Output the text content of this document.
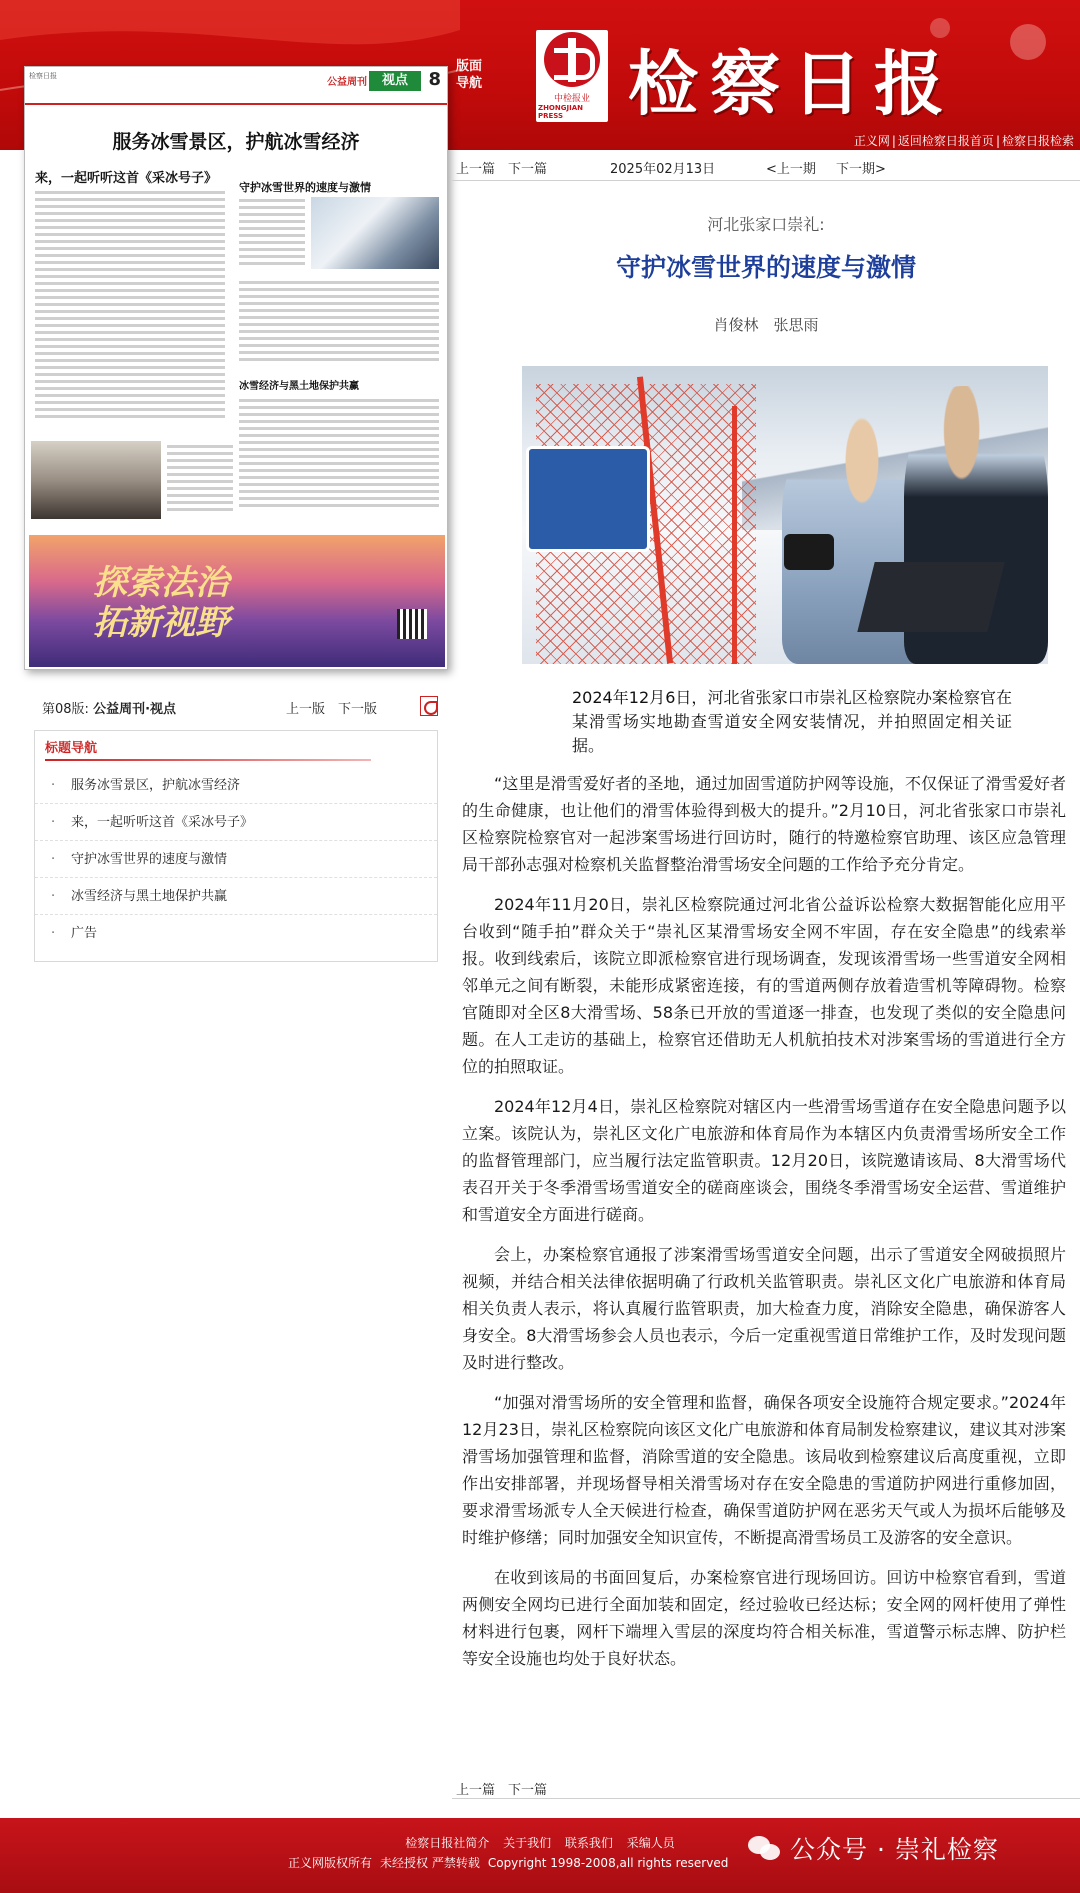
版面导航
中检报业
ZHONGJIAN PRESS 检察日报
正义网 | 返回检察日报首页 | 检察日报检索
检察日报
公益周刊	视点	8
服务冰雪景区，护航冰雪经济
来，一起听听这首《采冰号子》
守护冰雪世界的速度与激情
冰雪经济与黑土地保护共赢
探索法治
拓新视野
第08版: 公益周刊·视点	上一版 下一版
标题导航
· 服务冰雪景区，护航冰雪经济
· 来，一起听听这首《采冰号子》
· 守护冰雪世界的速度与激情
· 冰雪经济与黑土地保护共赢
· 广告
上一篇 下一篇	2025年02月13日	<上一期 下一期>
河北张家口崇礼:
守护冰雪世界的速度与激情
肖俊林　张思雨
2024年12月6日，河北省张家口市崇礼区检察院办案检察官在某滑雪场实地勘查雪道安全网安装情况，并拍照固定相关证据。

“这里是滑雪爱好者的圣地，通过加固雪道防护网等设施，不仅保证了滑雪爱好者的生命健康，也让他们的滑雪体验得到极大的提升。”2月10日，河北省张家口市崇礼区检察院检察官对一起涉案雪场进行回访时，随行的特邀检察官助理、该区应急管理局干部孙志强对检察机关监督整治滑雪场安全问题的工作给予充分肯定。

2024年11月20日，崇礼区检察院通过河北省公益诉讼检察大数据智能化应用平台收到“随手拍”群众关于“崇礼区某滑雪场安全网不牢固，存在安全隐患”的线索举报。收到线索后，该院立即派检察官进行现场调查，发现该滑雪场一些雪道安全网相邻单元之间有断裂，未能形成紧密连接，有的雪道两侧存放着造雪机等障碍物。检察官随即对全区8大滑雪场、58条已开放的雪道逐一排查，也发现了类似的安全隐患问题。在人工走访的基础上，检察官还借助无人机航拍技术对涉案雪场的雪道进行全方位的拍照取证。

2024年12月4日，崇礼区检察院对辖区内一些滑雪场雪道存在安全隐患问题予以立案。该院认为，崇礼区文化广电旅游和体育局作为本辖区内负责滑雪场所安全工作的监督管理部门，应当履行法定监管职责。12月20日，该院邀请该局、8大滑雪场代表召开关于冬季滑雪场雪道安全的磋商座谈会，围绕冬季滑雪场安全运营、雪道维护和雪道安全方面进行磋商。

会上，办案检察官通报了涉案滑雪场雪道安全问题，出示了雪道安全网破损照片视频，并结合相关法律依据明确了行政机关监管职责。崇礼区文化广电旅游和体育局相关负责人表示，将认真履行监管职责，加大检查力度，消除安全隐患，确保游客人身安全。8大滑雪场参会人员也表示，今后一定重视雪道日常维护工作，及时发现问题及时进行整改。

“加强对滑雪场所的安全管理和监督，确保各项安全设施符合规定要求。”2024年12月23日，崇礼区检察院向该区文化广电旅游和体育局制发检察建议，建议其对涉案滑雪场加强管理和监督，消除雪道的安全隐患。该局收到检察建议后高度重视，立即作出安排部署，并现场督导相关滑雪场对存在安全隐患的雪道防护网进行重修加固，要求滑雪场派专人全天候进行检查，确保雪道防护网在恶劣天气或人为损坏后能够及时维护修缮；同时加强安全知识宣传，不断提高滑雪场员工及游客的安全意识。

在收到该局的书面回复后，办案检察官进行现场回访。回访中检察官看到，雪道两侧安全网均已进行全面加装和固定，经过验收已经达标；安全网的网杆使用了弹性材料进行包裹，网杆下端埋入雪层的深度均符合相关标准，雪道警示标志牌、防护栏等安全设施也均处于良好状态。

上一篇 下一篇
检察日报社简介 关于我们 联系我们 采编人员
正义网版权所有 未经授权 严禁转载 Copyright 1998-2008,all rights reserved	公众号 · 崇礼检察
